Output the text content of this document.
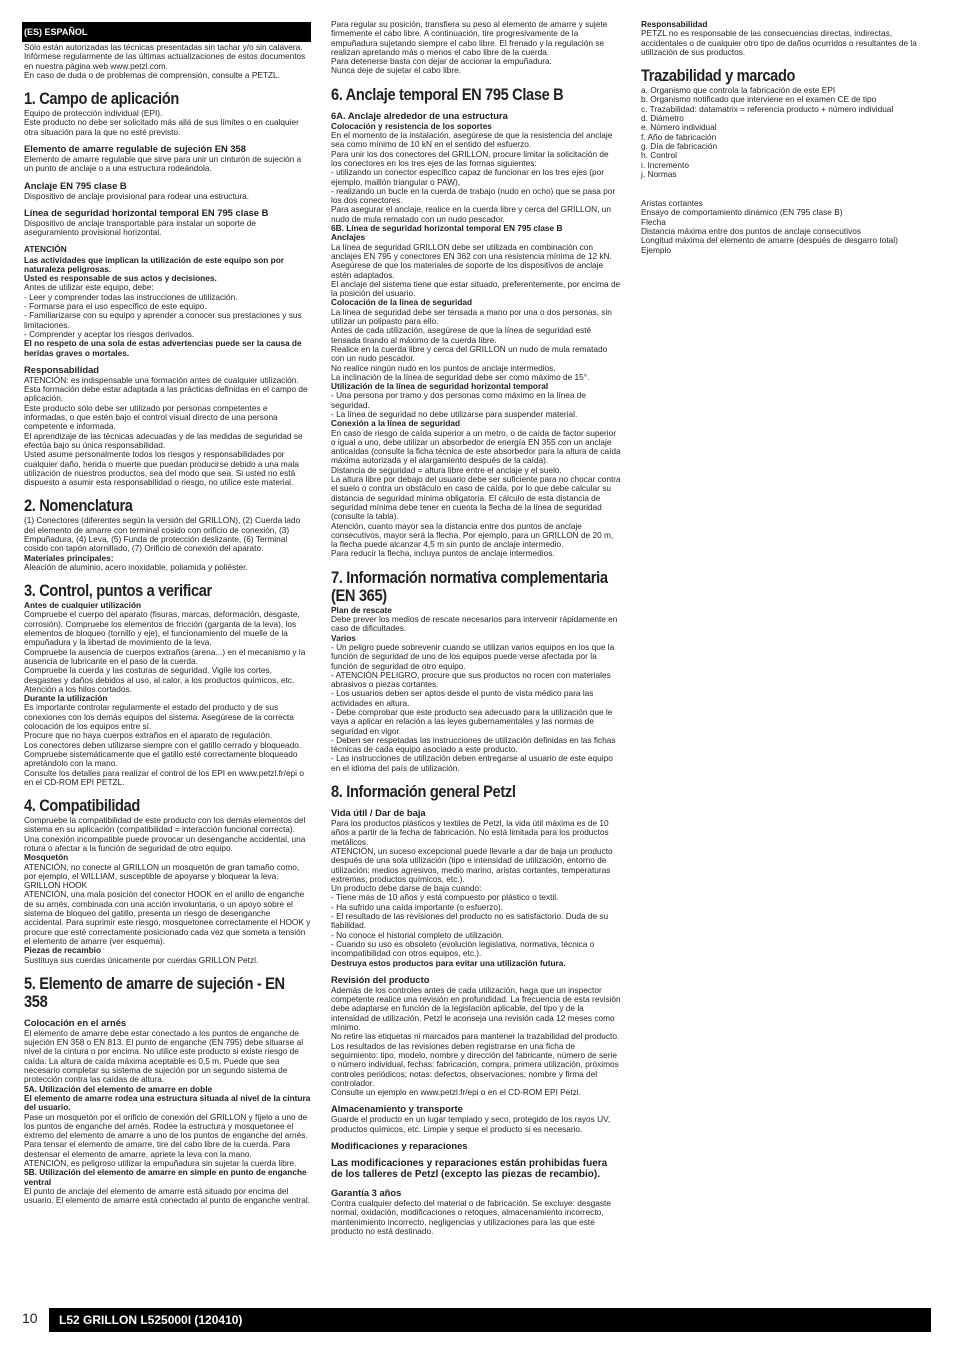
(ES) ESPAÑOL

Sólo están autorizadas las técnicas presentadas sin tachar y/o sin calavera. Infórmese regularmente de las últimas actualizaciones de estos documentos en nuestra página web www.petzl.com.
En caso de duda o de problemas de comprensión, consulte a PETZL.

1. Campo de aplicación

Equipo de protección individual (EPI).
Este producto no debe ser solicitado más allá de sus límites o en cualquier otra situación para la que no esté previsto.

Elemento de amarre regulable de sujeción EN 358

Elemento de amarre regulable que sirve para unir un cinturón de sujeción a un punto de anclaje o a una estructura rodeándola.

Anclaje EN 795 clase B

Dispositivo de anclaje provisional para rodear una estructura.

Línea de seguridad horizontal temporal EN 795 clase B

Dispositivo de anclaje transportable para instalar un soporte de aseguramiento provisional horizontal.

ATENCIÓN

Las actividades que implican la utilización de este equipo son por naturaleza peligrosas.
Usted es responsable de sus actos y decisiones.

Antes de utilizar este equipo, debe:
- Leer y comprender todas las instrucciones de utilización.
- Formarse para el uso específico de este equipo.
- Familiarizarse con su equipo y aprender a conocer sus prestaciones y sus limitaciones.
- Comprender y aceptar los riesgos derivados.

El no respeto de una sola de estas advertencias puede ser la causa de heridas graves o mortales.

Responsabilidad

ATENCIÓN: es indispensable una formación antes de cualquier utilización. Esta formación debe estar adaptada a las prácticas definidas en el campo de aplicación.
Este producto sólo debe ser utilizado por personas competentes e informadas, o que estén bajo el control visual directo de una persona competente e informada.
El aprendizaje de las técnicas adecuadas y de las medidas de seguridad se efectúa bajo su única responsabilidad.
Usted asume personalmente todos los riesgos y responsabilidades por cualquier daño, herida o muerte que puedan producirse debido a una mala utilización de nuestros productos, sea del modo que sea. Si usted no está dispuesto a asumir esta responsabilidad o riesgo, no utilice este material.

2. Nomenclatura

(1) Conectores (diferentes según la versión del GRILLON), (2) Cuerda lado del elemento de amarre con terminal cosido con orificio de conexión, (3) Empuñadura, (4) Leva, (5) Funda de protección deslizante, (6) Terminal cosido con tapón atornillado, (7) Orificio de conexión del aparato.

Materiales principales:

Aleación de aluminio, acero inoxidable, poliamida y poliéster.

3. Control, puntos a verificar
Antes de cualquier utilización

Compruebe el cuerpo del aparato (fisuras, marcas, deformación, desgaste, corrosión). Compruebe los elementos de fricción (garganta de la leva), los elementos de bloqueo (tornillo y eje), el funcionamiento del muelle de la empuñadura y la libertad de movimiento de la leva.
Compruebe la ausencia de cuerpos extraños (arena...) en el mecanismo y la ausencia de lubricante en el paso de la cuerda.
Compruebe la cuerda y las costuras de seguridad. Vigile los cortes, desgastes y daños debidos al uso, al calor, a los productos químicos, etc. Atención a los hilos cortados.

Durante la utilización

Es importante controlar regularmente el estado del producto y de sus conexiones con los demás equipos del sistema. Asegúrese de la correcta colocación de los equipos entre sí.
Procure que no haya cuerpos extraños en el aparato de regulación.
Los conectores deben utilizarse siempre con el gatillo cerrado y bloqueado.
Compruebe sistemáticamente que el gatillo esté correctamente bloqueado apretándolo con la mano.
Consulte los detalles para realizar el control de los EPI en www.petzl.fr/epi o en el CD-ROM EPI PETZL.

4. Compatibilidad

Compruebe la compatibilidad de este producto con los demás elementos del sistema en su aplicación (compatibilidad = interacción funcional correcta).
Una conexión incompatible puede provocar un desenganche accidental, una rotura o afectar a la función de seguridad de otro equipo.

Mosquetón

ATENCIÓN, no conecte al GRILLON un mosquetón de gran tamaño como, por ejemplo, el WILLIAM, susceptible de apoyarse y bloquear la leva.
GRILLON HOOK
ATENCIÓN, una mala posición del conector HOOK en el anillo de enganche de su arnés, combinada con una acción involuntaria, o un apoyo sobre el sistema de bloqueo del gatillo, presenta un riesgo de desenganche accidental. Para suprimir este riesgo, mosquetonee correctamente el HOOK y procure que esté correctamente posicionado cada vez que someta a tensión el elemento de amarre (ver esquema).

Piezas de recambio

Sustituya sus cuerdas únicamente por cuerdas GRILLON Petzl.

5. Elemento de amarre de sujeción - EN 358
Colocación en el arnés

El elemento de amarre debe estar conectado a los puntos de enganche de sujeción EN 358 o EN 813. El punto de enganche (EN 795) debe situarse al nivel de la cintura o por encima. No utilice este producto si existe riesgo de caída. La altura de caída máxima aceptable es 0,5 m. Puede que sea necesario completar su sistema de sujeción por un segundo sistema de protección contra las caídas de altura.

5A. Utilización del elemento de amarre en doble
El elemento de amarre rodea una estructura situada al nivel de la cintura del usuario.

Pase un mosquetón por el orificio de conexión del GRILLON y fíjelo a uno de los puntos de enganche del arnés. Rodee la estructura y mosquetonee el extremo del elemento de amarre a uno de los puntos de enganche del arnés. Para tensar el elemento de amarre, tire del cabo libre de la cuerda. Para destensar el elemento de amarre, apriete la leva con la mano.
ATENCIÓN, es peligroso utilizar la empuñadura sin sujetar la cuerda libre.

5B. Utilización del elemento de amarre en simple en punto de enganche ventral

El punto de anclaje del elemento de amarre está situado por encima del usuario. El elemento de amarre está conectado al punto de enganche ventral.

Para regular su posición, transfiera su peso al elemento de amarre y sujete firmemente el cabo libre. A continuación, tire progresivamente de la empuñadura sujetando siempre el cabo libre. El frenado y la regulación se realizan apretando más o menos el cabo libre de la cuerda.
Para detenerse basta con dejar de accionar la empuñadura.
Nunca deje de sujetar el cabo libre.

6. Anclaje temporal EN 795 Clase B
6A. Anclaje alrededor de una estructura
Colocación y resistencia de los soportes

En el momento de la instalación, asegúrese de que la resistencia del anclaje sea como mínimo de 10 kN en el sentido del esfuerzo.
Para unir los dos conectores del GRILLON, procure limitar la solicitación de los conectores en los tres ejes de las formas siguientes:
- utilizando un conector específico capaz de funcionar en los tres ejes (por ejemplo, maillón triangular o PAW),
- realizando un bucle en la cuerda de trabajo (nudo en ocho) que se pasa por los dos conectores.
Para asegurar el anclaje, realice en la cuerda libre y cerca del GRILLON, un nudo de mula rematado con un nudo pescador.

6B. Línea de seguridad horizontal temporal EN 795 clase B
Anclajes

La línea de seguridad GRILLON debe ser utilizada en combinación con anclajes EN 795 y conectores EN 362 con una resistencia mínima de 12 kN. Asegúrese de que los materiales de soporte de los dispositivos de anclaje estén adaptados.
El anclaje del sistema tiene que estar situado, preferentemente, por encima de la posición del usuario.

Colocación de la línea de seguridad

La línea de seguridad debe ser tensada a mano por una o dos personas, sin utilizar un polipasto para ello.
Antes de cada utilización, asegúrese de que la línea de seguridad esté tensada tirando al máximo de la cuerda libre.
Realice en la cuerda libre y cerca del GRILLON un nudo de mula rematado con un nudo pescador.
No realice ningún nudo en los puntos de anclaje intermedios.
La inclinación de la línea de seguridad debe ser como máximo de 15°.

Utilización de la línea de seguridad horizontal temporal

- Una persona por tramo y dos personas como máximo en la línea de seguridad.
- La línea de seguridad no debe utilizarse para suspender material.

Conexión a la línea de seguridad

En caso de riesgo de caída superior a un metro, o de caída de factor superior o igual a uno, debe utilizar un absorbedor de energía EN 355 con un anclaje anticaídas (consulte la ficha técnica de este absorbedor para la altura de caída máxima autorizada y el alargamiento después de la caída).
Distancia de seguridad = altura libre entre el anclaje y el suelo.
La altura libre por debajo del usuario debe ser suficiente para no chocar contra el suelo o contra un obstáculo en caso de caída, por lo que debe calcular su distancia de seguridad mínima obligatoria. El cálculo de esta distancia de seguridad mínima debe tener en cuenta la flecha de la línea de seguridad (consulte la tabla).
Atención, cuanto mayor sea la distancia entre dos puntos de anclaje consecutivos, mayor será la flecha. Por ejemplo, para un GRILLON de 20 m, la flecha puede alcanzar 4,5 m sin punto de anclaje intermedio.
Para reducir la flecha, incluya puntos de anclaje intermedios.

7. Información normativa complementaria (EN 365)
Plan de rescate

Debe prever los medios de rescate necesarios para intervenir rápidamente en caso de dificultades.

Varios

- Un peligro puede sobrevenir cuando se utilizan varios equipos en los que la función de seguridad de uno de los equipos puede verse afectada por la función de seguridad de otro equipo.
- ATENCIÓN PELIGRO, procure que sus productos no rocen con materiales abrasivos o piezas cortantes.
- Los usuarios deben ser aptos desde el punto de vista médico para las actividades en altura.
- Debe comprobar que este producto sea adecuado para la utilización que le vaya a aplicar en relación a las leyes gubernamentales y las normas de seguridad en vigor.
- Deben ser respetadas las instrucciones de utilización definidas en las fichas técnicas de cada equipo asociado a este producto.
- Las instrucciones de utilización deben entregarse al usuario de este equipo en el idioma del país de utilización.

8. Información general Petzl
Vida útil / Dar de baja

Para los productos plásticos y textiles de Petzl, la vida útil máxima es de 10 años a partir de la fecha de fabricación. No está limitada para los productos metálicos.
ATENCIÓN, un suceso excepcional puede llevarle a dar de baja un producto después de una sola utilización (tipo e intensidad de utilización, entorno de utilización: medios agresivos, medio marino, aristas cortantes, temperaturas extremas, productos químicos, etc.).
Un producto debe darse de baja cuando:
- Tiene más de 10 años y está compuesto por plástico o textil.
- Ha sufrido una caída importante (o esfuerzo).
- El resultado de las revisiones del producto no es satisfactorio. Duda de su fiabilidad.
- No conoce el historial completo de utilización.
- Cuando su uso es obsoleto (evolución legislativa, normativa, técnica o incompatibilidad con otros equipos, etc.).

Destruya estos productos para evitar una utilización futura.

Revisión del producto

Además de los controles antes de cada utilización, haga que un inspector competente realice una revisión en profundidad. La frecuencia de esta revisión debe adaptarse en función de la legislación aplicable, del tipo y de la intensidad de utilización. Petzl le aconseja una revisión cada 12 meses como mínimo.
No retire las etiquetas ni marcados para mantener la trazabilidad del producto.
Los resultados de las revisiones deben registrarse en una ficha de seguimiento: tipo, modelo, nombre y dirección del fabricante, número de serie o número individual, fechas: fabricación, compra, primera utilización, próximos controles periódicos; notas: defectos, observaciones; nombre y firma del controlador.
Consulte un ejemplo en www.petzl.fr/epi o en el CD-ROM EPI Petzl.

Almacenamiento y transporte

Guarde el producto en un lugar templado y seco, protegido de los rayos UV, productos químicos, etc. Limpie y seque el producto si es necesario.

Modificaciones y reparaciones

Las modificaciones y reparaciones están prohibidas fuera de los talleres de Petzl (excepto las piezas de recambio).

Garantía 3 años

Contra cualquier defecto del material o de fabricación. Se excluye: desgaste normal, oxidación, modificaciones o retoques, almacenamiento incorrecto, mantenimiento incorrecto, negligencias y utilizaciones para las que este producto no está destinado.

Responsabilidad

PETZL no es responsable de las consecuencias directas, indirectas, accidentales o de cualquier otro tipo de daños ocurridos o resultantes de la utilización de sus productos.

Trazabilidad y marcado

a. Organismo que controla la fabricación de este EPI
b. Organismo notificado que interviene en el examen CE de tipo
c. Trazabilidad: datamatrix = referencia producto + número individual
d. Diámetro
e. Número individual
f. Año de fabricación
g. Día de fabricación
h. Control
i. Incremento
j. Normas

Aristas cortantes
Ensayo de comportamiento dinámico (EN 795 clase B)
Flecha
Distancia máxima entre dos puntos de anclaje consecutivos
Longitud máxima del elemento de amarre (después de desgarro total)
Ejemplo

10	L52 GRILLON L525000I (120410)
